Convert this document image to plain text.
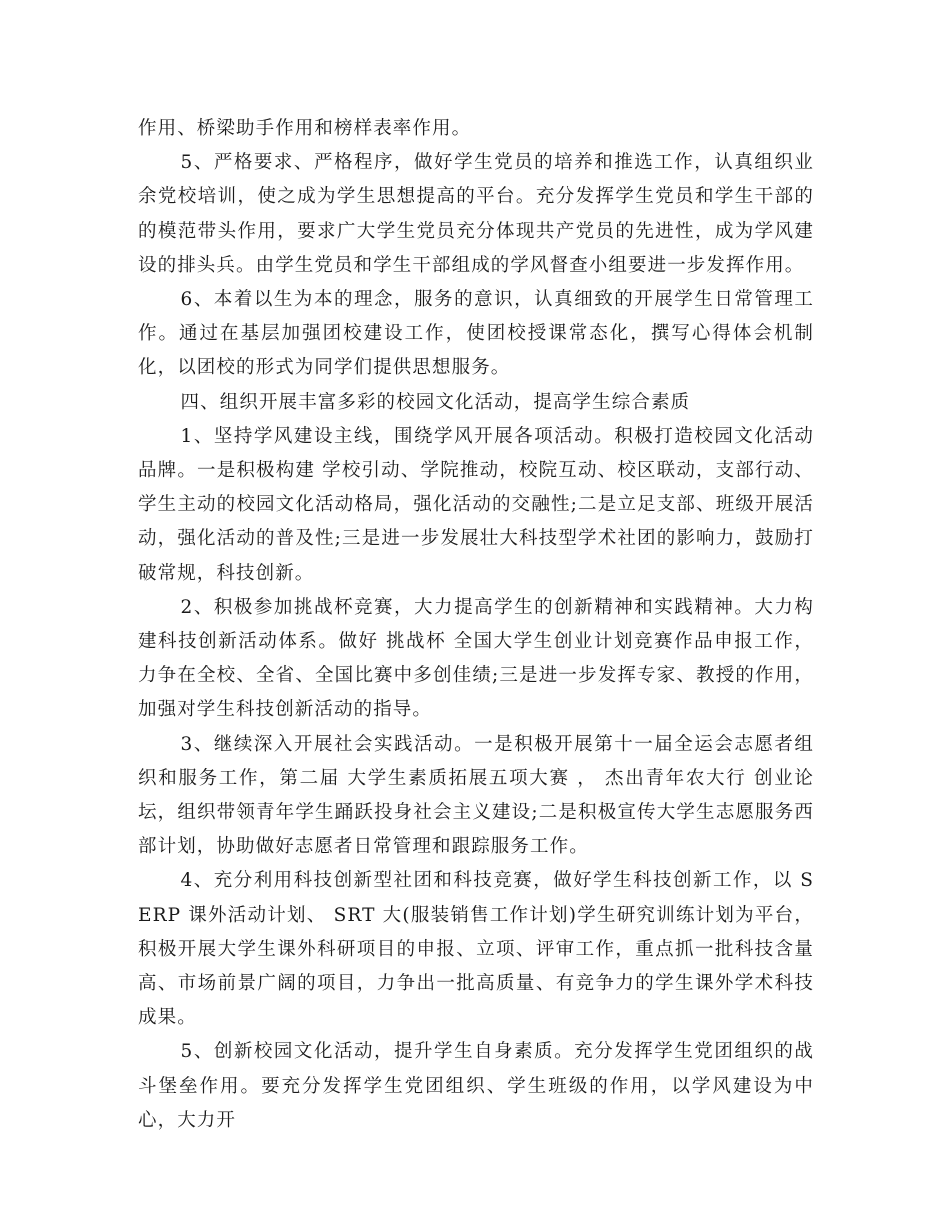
作用、桥梁助手作用和榜样表率作用。

5、严格要求、严格程序，做好学生党员的培养和推选工作，认真组织业余党校培训，使之成为学生思想提高的平台。充分发挥学生党员和学生干部的的模范带头作用，要求广大学生党员充分体现共产党员的先进性，成为学风建设的排头兵。由学生党员和学生干部组成的学风督查小组要进一步发挥作用。

6、本着以生为本的理念，服务的意识，认真细致的开展学生日常管理工作。通过在基层加强团校建设工作，使团校授课常态化，撰写心得体会机制化，以团校的形式为同学们提供思想服务。

四、组织开展丰富多彩的校园文化活动，提高学生综合素质

1、坚持学风建设主线，围绕学风开展各项活动。积极打造校园文化活动品牌。一是积极构建 学校引动、学院推动，校院互动、校区联动，支部行动、学生主动的校园文化活动格局，强化活动的交融性;二是立足支部、班级开展活动，强化活动的普及性;三是进一步发展壮大科技型学术社团的影响力，鼓励打破常规，科技创新。

2、积极参加挑战杯竞赛，大力提高学生的创新精神和实践精神。大力构建科技创新活动体系。做好 挑战杯 全国大学生创业计划竞赛作品申报工作，力争在全校、全省、全国比赛中多创佳绩;三是进一步发挥专家、教授的作用，加强对学生科技创新活动的指导。

3、继续深入开展社会实践活动。一是积极开展第十一届全运会志愿者组织和服务工作，第二届 大学生素质拓展五项大赛 ， 杰出青年农大行 创业论坛，组织带领青年学生踊跃投身社会主义建设;二是积极宣传大学生志愿服务西部计划，协助做好志愿者日常管理和跟踪服务工作。

4、充分利用科技创新型社团和科技竞赛，做好学生科技创新工作，以 SERP 课外活动计划、 SRT 大(服装销售工作计划)学生研究训练计划为平台，积极开展大学生课外科研项目的申报、立项、评审工作，重点抓一批科技含量高、市场前景广阔的项目，力争出一批高质量、有竞争力的学生课外学术科技成果。

5、创新校园文化活动，提升学生自身素质。充分发挥学生党团组织的战斗堡垒作用。要充分发挥学生党团组织、学生班级的作用，以学风建设为中心，大力开
